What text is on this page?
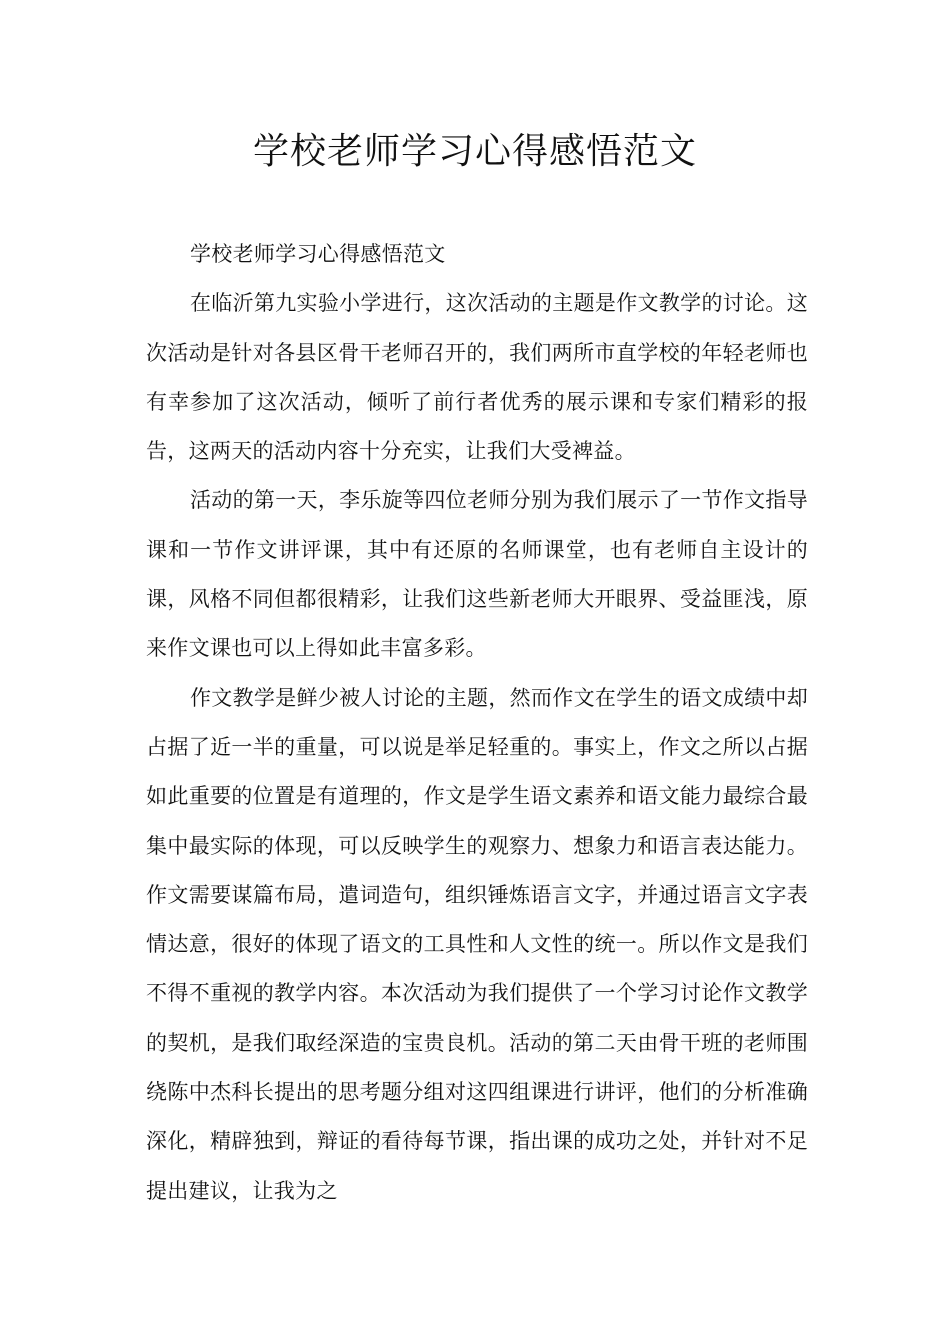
学校老师学习心得感悟范文

学校老师学习心得感悟范文

在临沂第九实验小学进行，这次活动的主题是作文教学的讨论。这次活动是针对各县区骨干老师召开的，我们两所市直学校的年轻老师也有幸参加了这次活动，倾听了前行者优秀的展示课和专家们精彩的报告，这两天的活动内容十分充实，让我们大受裨益。

活动的第一天，李乐旋等四位老师分别为我们展示了一节作文指导课和一节作文讲评课，其中有还原的名师课堂，也有老师自主设计的课，风格不同但都很精彩，让我们这些新老师大开眼界、受益匪浅，原来作文课也可以上得如此丰富多彩。

作文教学是鲜少被人讨论的主题，然而作文在学生的语文成绩中却占据了近一半的重量，可以说是举足轻重的。事实上，作文之所以占据如此重要的位置是有道理的，作文是学生语文素养和语文能力最综合最集中最实际的体现，可以反映学生的观察力、想象力和语言表达能力。作文需要谋篇布局，遣词造句，组织锤炼语言文字，并通过语言文字表情达意，很好的体现了语文的工具性和人文性的统一。所以作文是我们不得不重视的教学内容。本次活动为我们提供了一个学习讨论作文教学的契机，是我们取经深造的宝贵良机。活动的第二天由骨干班的老师围绕陈中杰科长提出的思考题分组对这四组课进行讲评，他们的分析准确深化，精辟独到，辩证的看待每节课，指出课的成功之处，并针对不足提出建议，让我为之
